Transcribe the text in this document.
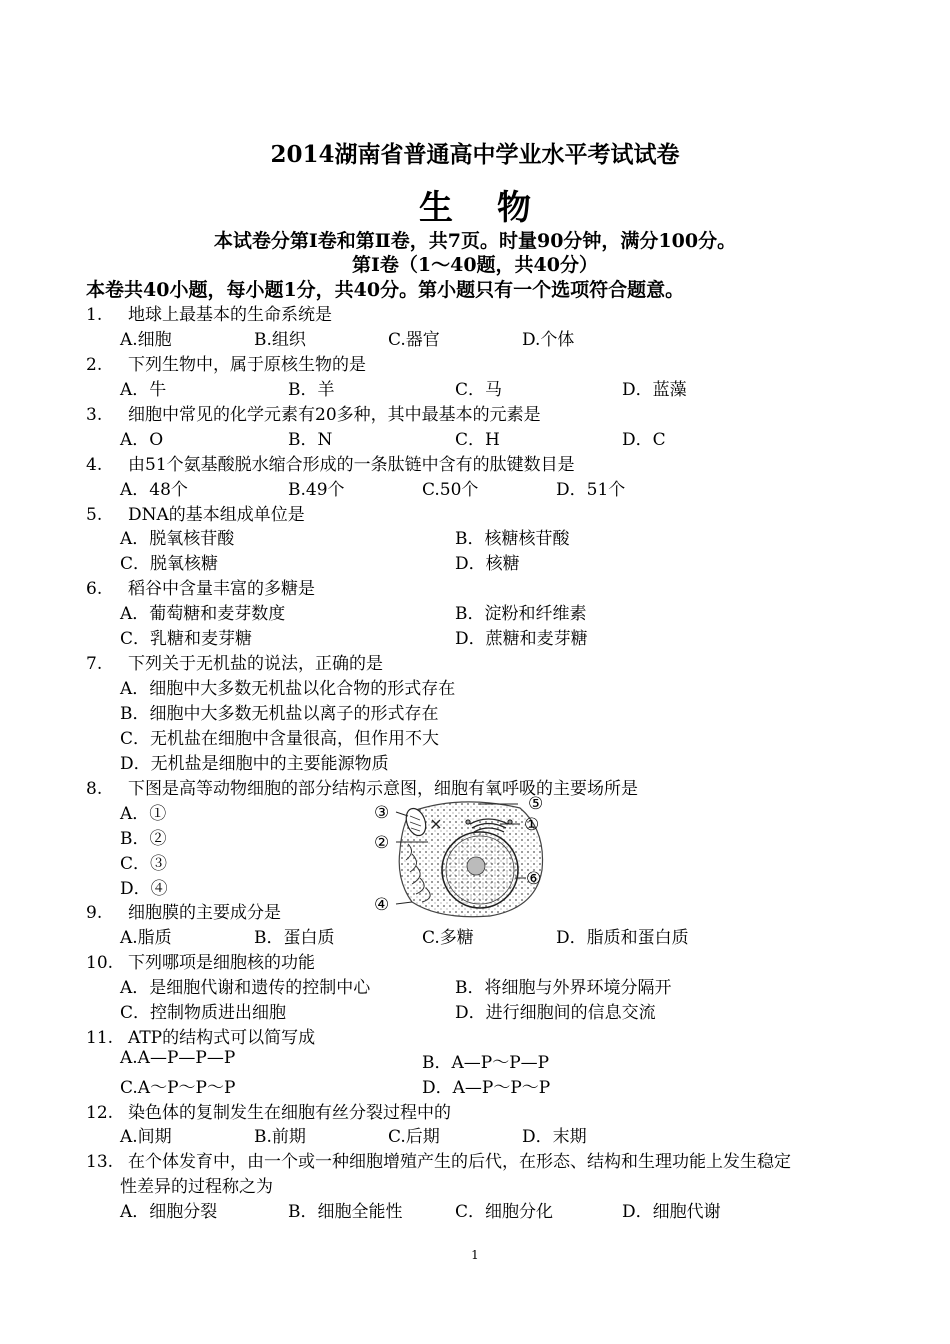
2014湖南省普通高中学业水平考试试卷
生物
本试卷分第Ⅰ卷和第Ⅱ卷，共7页。时量90分钟，满分100分。
第Ⅰ卷（1～40题，共40分）
本卷共40小题，每小题1分，共40分。第小题只有一个选项符合题意。
1. 地球上最基本的生命系统是
A.细胞	B.组织	C.器官	D.个体
2. 下列生物中，属于原核生物的是
A．牛	B．羊	C．马	D．蓝藻
3. 细胞中常见的化学元素有20多种，其中最基本的元素是
A．O	B．N	C．H	D．C
4. 由51个氨基酸脱水缩合形成的一条肽链中含有的肽键数目是
A．48个	B.49个	C.50个	D．51个
5. DNA的基本组成单位是
A．脱氧核苷酸	B．核糖核苷酸
C．脱氧核糖	D．核糖
6. 稻谷中含量丰富的多糖是
A．葡萄糖和麦芽数度	B．淀粉和纤维素
C．乳糖和麦芽糖	D．蔗糖和麦芽糖
7. 下列关于无机盐的说法，正确的是
A．细胞中大多数无机盐以化合物的形式存在
B．细胞中大多数无机盐以离子的形式存在
C．无机盐在细胞中含量很高，但作用不大
D．无机盐是细胞中的主要能源物质
8. 下图是高等动物细胞的部分结构示意图，细胞有氧呼吸的主要场所是
A．①
B．②
C．③
D．④
⑤
①
③
②
⑥
④
9. 细胞膜的主要成分是
A.脂质	B．蛋白质	C.多糖	D．脂质和蛋白质
10. 下列哪项是细胞核的功能
A．是细胞代谢和遗传的控制中心	B．将细胞与外界环境分隔开
C．控制物质进出细胞	D．进行细胞间的信息交流
11. ATP的结构式可以简写成
A.A—P—P—P	B．A—P～P—P
C.A～P～P～P	D．A—P～P～P
12. 染色体的复制发生在细胞有丝分裂过程中的
A.间期	B.前期	C.后期	D．末期
13. 在个体发育中，由一个或一种细胞增殖产生的后代，在形态、结构和生理功能上发生稳定
性差异的过程称之为
A．细胞分裂	B．细胞全能性	C．细胞分化	D．细胞代谢
1
